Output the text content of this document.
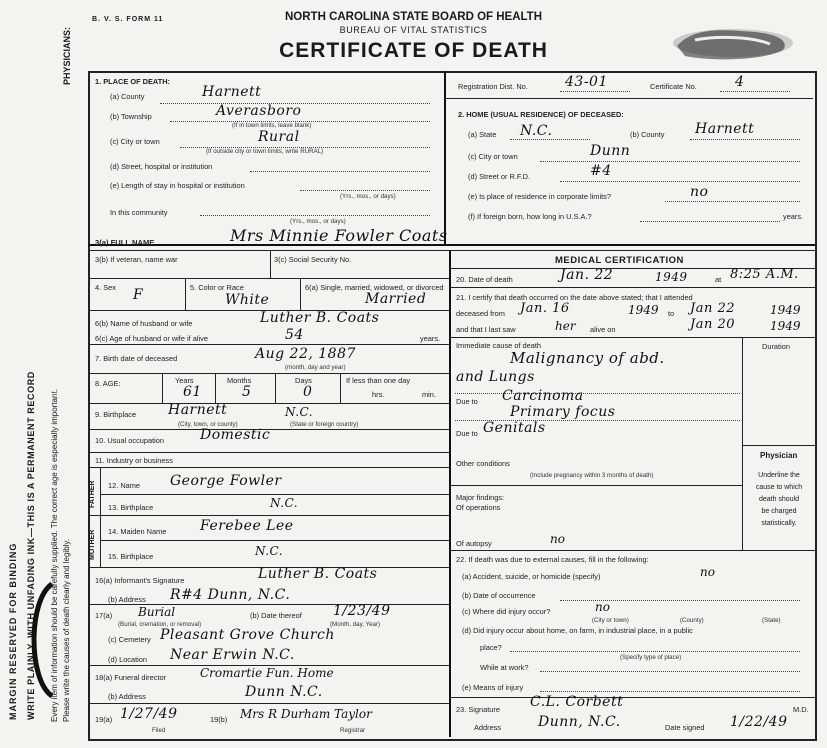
MARGIN RESERVED FOR BINDING WRITE PLAINLY, WITH UNFADING INK—THIS IS A PERMANENT RECORD Every item of information should be carefully supplied. The correct age is especially important. Please write the causes of death clearly and legibly.
PHYSICIANS:
B. V. S. FORM 11	NORTH CAROLINA STATE BOARD OF HEALTH
BUREAU OF VITAL STATISTICS
CERTIFICATE OF DEATH
1. PLACE OF DEATH:
(a) County	Harnett
(b) Township	Averasboro
(If in town limits, leave blank)
(c) City or town	Rural
(If outside city or town limits, write RURAL)
(d) Street, hospital or institution
(e) Length of stay in hospital or institution
(Yrs., mos., or days)
In this community
(Yrs., mos., or days)
Registration Dist. No.	43-01	Certificate No.	4
2. HOME (USUAL RESIDENCE) OF DECEASED:
(a) State N.C.	(b) County Harnett
(c) City or town	Dunn
(d) Street or R.F.D.	#4
(e) Is place of residence in corporate limits?	no
(f) If foreign born, how long in U.S.A.?	years.
3(a) FULL NAME	Mrs Minnie Fowler Coats
3(b) If veteran, name war	3(c) Social Security No.
4. Sex F	5. Color or Race
White
6(a) Single, married, widowed, or divorced
Married
6(b) Name of husband or wife	Luther B. Coats
6(c) Age of husband or wife if alive	54	years.
7. Birth date of deceased	Aug 22, 1887
(month, day and year)
8. AGE:	Years
61
Months
5
Days
0
If less than one day
hrs.	min.
9. Birthplace Harnett	N.C.
(City, town, or county)	(State or foreign country)
10. Usual occupation	Domestic
11. Industry or business
FATHER
MOTHER
12. Name George Fowler
13. Birthplace	N.C.
14. Maiden Name Ferebee Lee
15. Birthplace	N.C.
16(a) Informant's Signature	Luther B. Coats
(b) Address R#4 Dunn, N.C.
17(a) Burial
(Burial, cremation, or removal)
(b) Date thereof 1/23/49
(Month, day, Year)
(c) Cemetery Pleasant Grove Church
(d) Location Near Erwin N.C.
18(a) Funeral director	Cromartie Fun. Home
(b) Address	Dunn N.C.
19(a) 1/27/49
Filed
19(b) Mrs R Durham Taylor
Registrar
MEDICAL CERTIFICATION
20. Date of death	Jan. 22	1949	at 8:25 A.M.
21. I certify that death occurred on the date above stated; that I attended
deceased from Jan. 16	1949 to Jan 22	1949
and that I last saw	her alive on	Jan 20	1949
Duration
Immediate cause of death
Malignancy of abd.
and Lungs
Due to Carcinoma
Primary focus
Due to Genitals
Other conditions
(Include pregnancy within 3 months of death)
Major findings:
Of operations
Of autopsy	no
Physician
Underline the
cause to which
death should
be charged
statistically.
22. If death was due to external causes, fill in the following:
(a) Accident, suicide, or homicide (specify)	no
(b) Date of occurrence
(c) Where did injury occur?	no
(City or town)	(County)	(State)
(d) Did injury occur about home, on farm, in industrial place, in a public
place?
(Specify type of place)
While at work?
(e) Means of injury
23. Signature C.L. Corbett	M.D.
Address	Dunn, N.C.	Date signed 1/22/49
